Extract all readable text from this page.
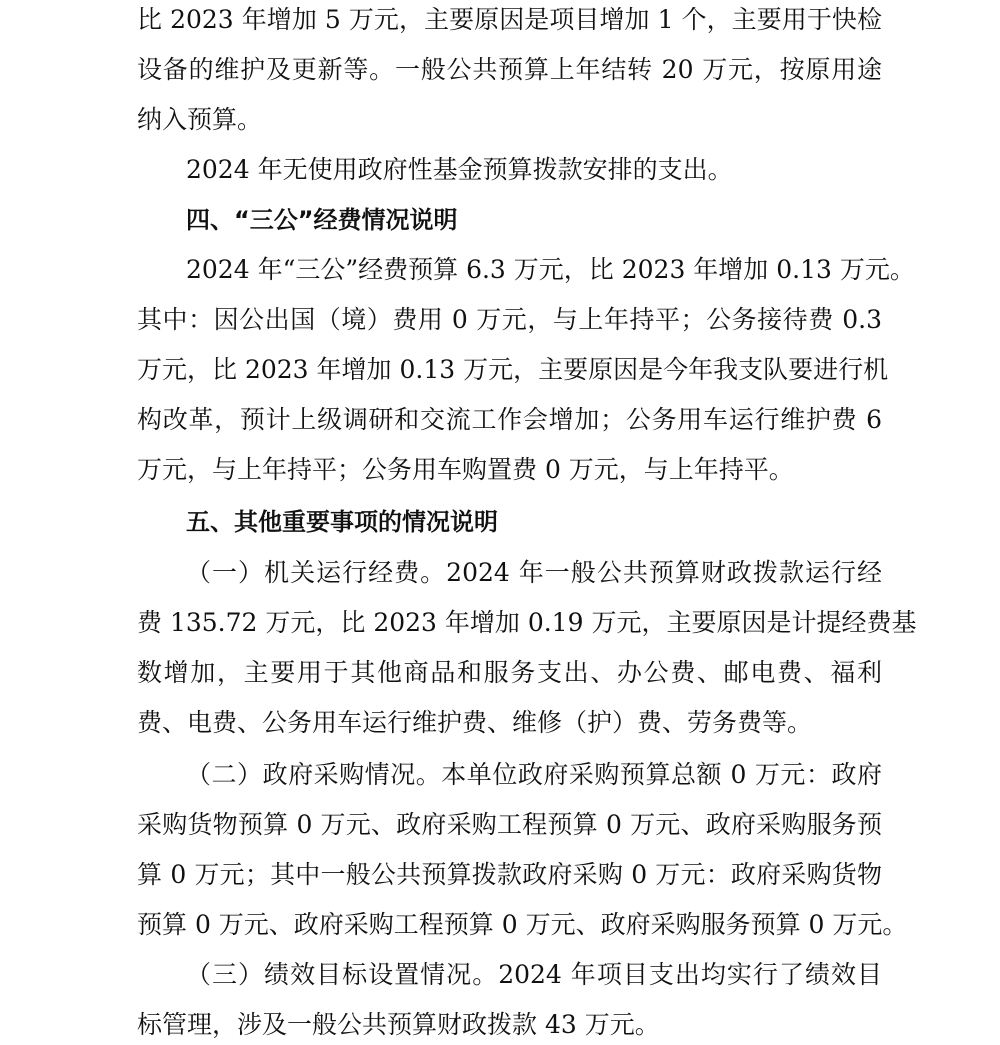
比 2023 年增加 5 万元，主要原因是项目增加 1 个，主要用于快检
设备的维护及更新等。一般公共预算上年结转 20 万元，按原用途
纳入预算。
2024 年无使用政府性基金预算拨款安排的支出。
四、“三公”经费情况说明
2024 年“三公”经费预算 6.3 万元，比 2023 年增加 0.13 万元。
其中：因公出国（境）费用 0 万元，与上年持平；公务接待费 0.3
万元，比 2023 年增加 0.13 万元，主要原因是今年我支队要进行机
构改革，预计上级调研和交流工作会增加；公务用车运行维护费 6
万元，与上年持平；公务用车购置费 0 万元，与上年持平。
五、其他重要事项的情况说明
（一）机关运行经费。2024 年一般公共预算财政拨款运行经
费 135.72 万元，比 2023 年增加 0.19 万元，主要原因是计提经费基
数增加，主要用于其他商品和服务支出、办公费、邮电费、福利
费、电费、公务用车运行维护费、维修（护）费、劳务费等。
（二）政府采购情况。本单位政府采购预算总额 0 万元：政府
采购货物预算 0 万元、政府采购工程预算 0 万元、政府采购服务预
算 0 万元；其中一般公共预算拨款政府采购 0 万元：政府采购货物
预算 0 万元、政府采购工程预算 0 万元、政府采购服务预算 0 万元。
（三）绩效目标设置情况。2024 年项目支出均实行了绩效目
标管理，涉及一般公共预算财政拨款 43 万元。
